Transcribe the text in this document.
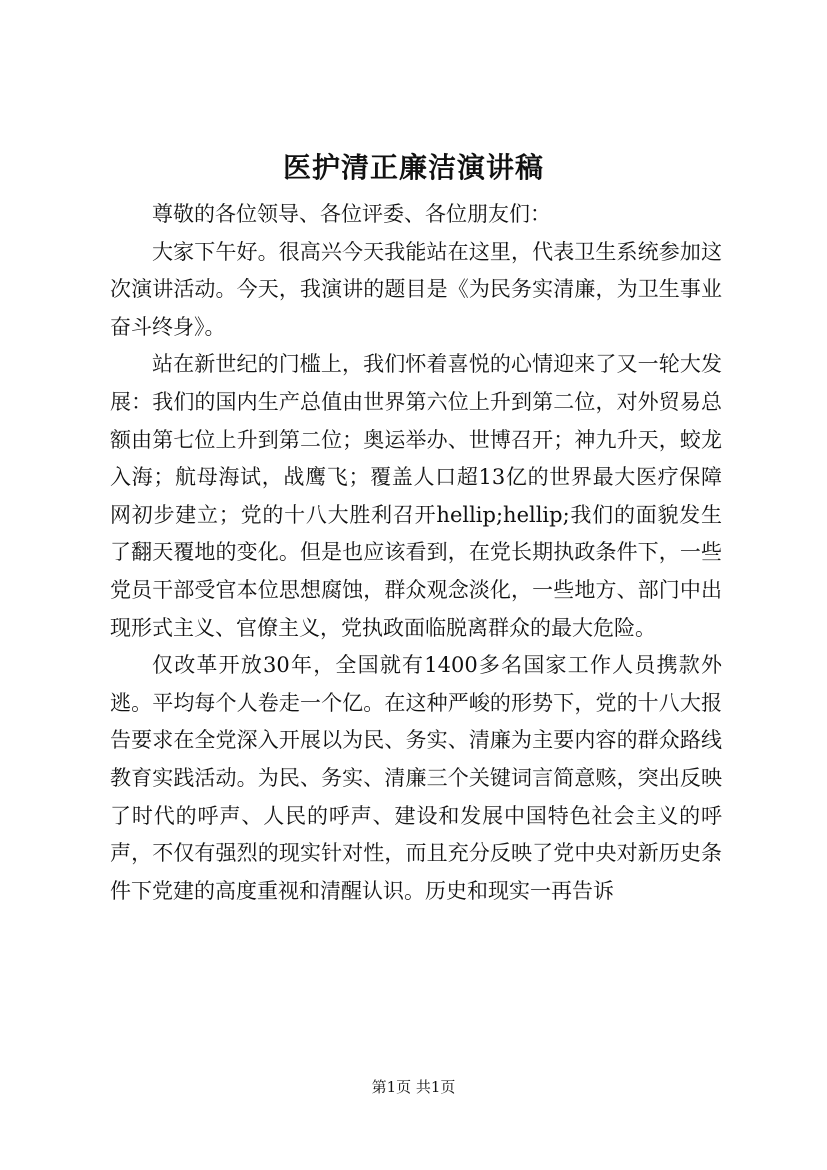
医护清正廉洁演讲稿

尊敬的各位领导、各位评委、各位朋友们：

大家下午好。很高兴今天我能站在这里，代表卫生系统参加这次演讲活动。今天，我演讲的题目是《为民务实清廉，为卫生事业奋斗终身》。

站在新世纪的门槛上，我们怀着喜悦的心情迎来了又一轮大发展：我们的国内生产总值由世界第六位上升到第二位，对外贸易总额由第七位上升到第二位；奥运举办、世博召开；神九升天，蛟龙入海；航母海试，战鹰飞；覆盖人口超13亿的世界最大医疗保障网初步建立；党的十八大胜利召开hellip;hellip;我们的面貌发生了翻天覆地的变化。但是也应该看到，在党长期执政条件下，一些党员干部受官本位思想腐蚀，群众观念淡化，一些地方、部门中出现形式主义、官僚主义，党执政面临脱离群众的最大危险。

仅改革开放30年，全国就有1400多名国家工作人员携款外逃。平均每个人卷走一个亿。在这种严峻的形势下，党的十八大报告要求在全党深入开展以为民、务实、清廉为主要内容的群众路线教育实践活动。为民、务实、清廉三个关键词言简意赅，突出反映了时代的呼声、人民的呼声、建设和发展中国特色社会主义的呼声，不仅有强烈的现实针对性，而且充分反映了党中央对新历史条件下党建的高度重视和清醒认识。历史和现实一再告诉

第1页 共1页
